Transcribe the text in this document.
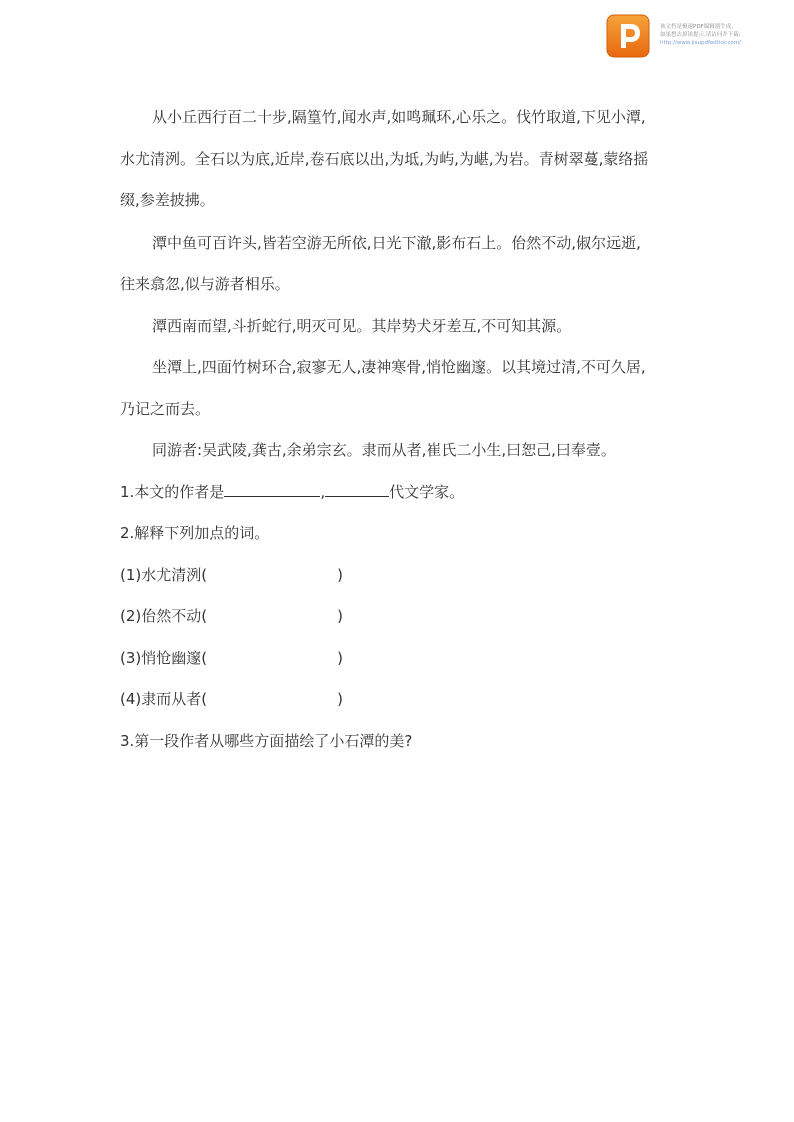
该文档是极速PDF编辑器生成,
如果想去掉该提示,请访问并下载:
http://www.jisupdfeditor.com/
从小丘西行百二十步,隔篁竹,闻水声,如鸣珮环,心乐之。伐竹取道,下见小潭,
水尤清洌。全石以为底,近岸,卷石底以出,为坻,为屿,为嵁,为岩。青树翠蔓,蒙络摇
缀,参差披拂。
潭中鱼可百许头,皆若空游无所依,日光下澈,影布石上。佁然不动,俶尔远逝,
往来翕忽,似与游者相乐。
潭西南而望,斗折蛇行,明灭可见。其岸势犬牙差互,不可知其源。
坐潭上,四面竹树环合,寂寥无人,凄神寒骨,悄怆幽邃。以其境过清,不可久居,
乃记之而去。
同游者:吴武陵,龚古,余弟宗玄。隶而从者,崔氏二小生,曰恕己,曰奉壹。
1.本文的作者是	,	代文学家。
2.解释下列加点的词。
(1)水尤清洌(	)
(2)佁然不动(	)
(3)悄怆幽邃(	)
(4)隶而从者(	)
3.第一段作者从哪些方面描绘了小石潭的美?
